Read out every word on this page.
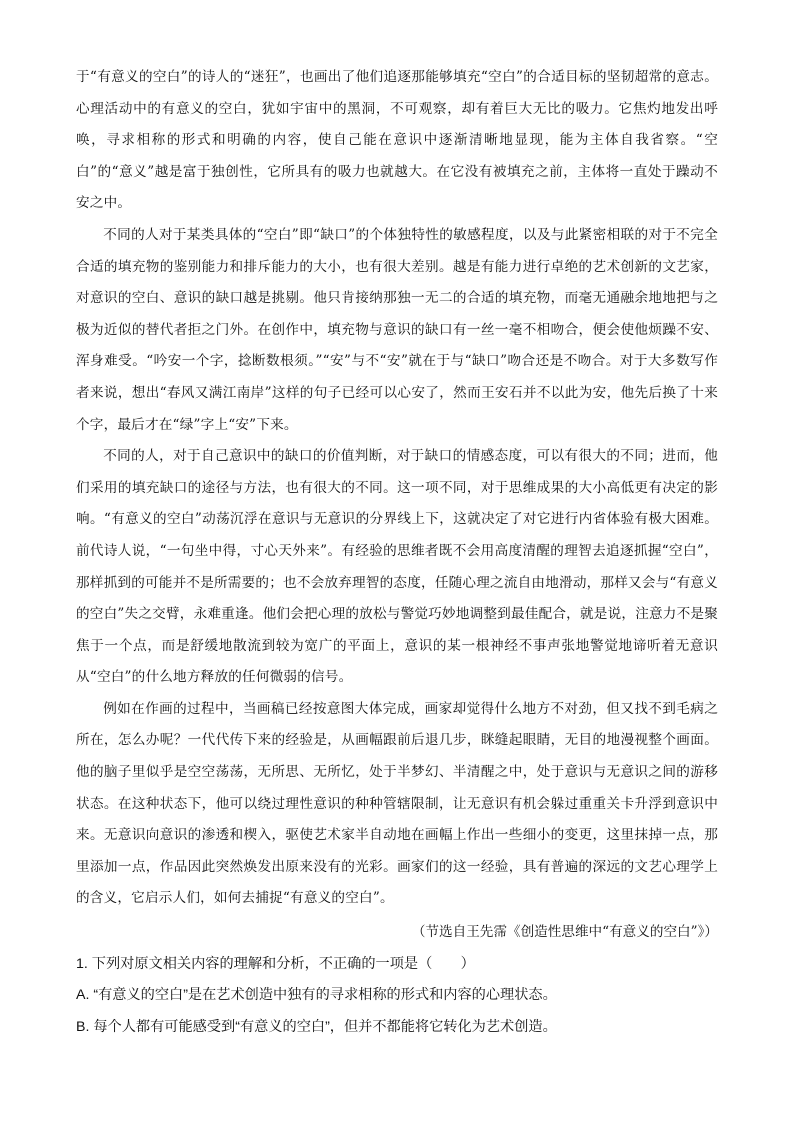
于“有意义的空白”的诗人的“迷狂”，也画出了他们追逐那能够填充“空白”的合适目标的坚韧超常的意志。心理活动中的有意义的空白，犹如宇宙中的黑洞，不可观察，却有着巨大无比的吸力。它焦灼地发出呼唤，寻求相称的形式和明确的内容，使自己能在意识中逐渐清晰地显现，能为主体自我省察。“空白”的“意义”越是富于独创性，它所具有的吸力也就越大。在它没有被填充之前，主体将一直处于躁动不安之中。

不同的人对于某类具体的“空白”即“缺口”的个体独特性的敏感程度，以及与此紧密相联的对于不完全合适的填充物的鉴别能力和排斥能力的大小，也有很大差别。越是有能力进行卓绝的艺术创新的文艺家，对意识的空白、意识的缺口越是挑剔。他只肯接纳那独一无二的合适的填充物，而毫无通融余地地把与之极为近似的替代者拒之门外。在创作中，填充物与意识的缺口有一丝一毫不相吻合，便会使他烦躁不安、浑身难受。“吟安一个字，捻断数根须。”“安”与不“安”就在于与“缺口”吻合还是不吻合。对于大多数写作者来说，想出“春风又满江南岸”这样的句子已经可以心安了，然而王安石并不以此为安，他先后换了十来个字，最后才在“绿”字上“安”下来。

不同的人，对于自己意识中的缺口的价值判断，对于缺口的情感态度，可以有很大的不同；进而，他们采用的填充缺口的途径与方法，也有很大的不同。这一项不同，对于思维成果的大小高低更有决定的影响。“有意义的空白”动荡沉浮在意识与无意识的分界线上下，这就决定了对它进行内省体验有极大困难。前代诗人说，“一句坐中得，寸心天外来”。有经验的思维者既不会用高度清醒的理智去追逐抓握“空白”，那样抓到的可能并不是所需要的；也不会放弃理智的态度，任随心理之流自由地滑动，那样又会与“有意义的空白”失之交臂，永难重逢。他们会把心理的放松与警觉巧妙地调整到最佳配合，就是说，注意力不是聚焦于一个点，而是舒缓地散流到较为宽广的平面上，意识的某一根神经不事声张地警觉地谛听着无意识从“空白”的什么地方释放的任何微弱的信号。

例如在作画的过程中，当画稿已经按意图大体完成，画家却觉得什么地方不对劲，但又找不到毛病之所在，怎么办呢？一代代传下来的经验是，从画幅跟前后退几步，眯缝起眼睛，无目的地漫视整个画面。他的脑子里似乎是空空荡荡，无所思、无所忆，处于半梦幻、半清醒之中，处于意识与无意识之间的游移状态。在这种状态下，他可以绕过理性意识的种种管辖限制，让无意识有机会躲过重重关卡升浮到意识中来。无意识向意识的渗透和楔入，驱使艺术家半自动地在画幅上作出一些细小的变更，这里抹掉一点，那里添加一点，作品因此突然焕发出原来没有的光彩。画家们的这一经验，具有普遍的深远的文艺心理学上的含义，它启示人们，如何去捕捉“有意义的空白”。

（节选自王先霈《创造性思维中“有意义的空白”》）

1. 下列对原文相关内容的理解和分析，不正确的一项是（　　）

A. “有意义的空白”是在艺术创造中独有的寻求相称的形式和内容的心理状态。

B. 每个人都有可能感受到“有意义的空白”，但并不都能将它转化为艺术创造。
